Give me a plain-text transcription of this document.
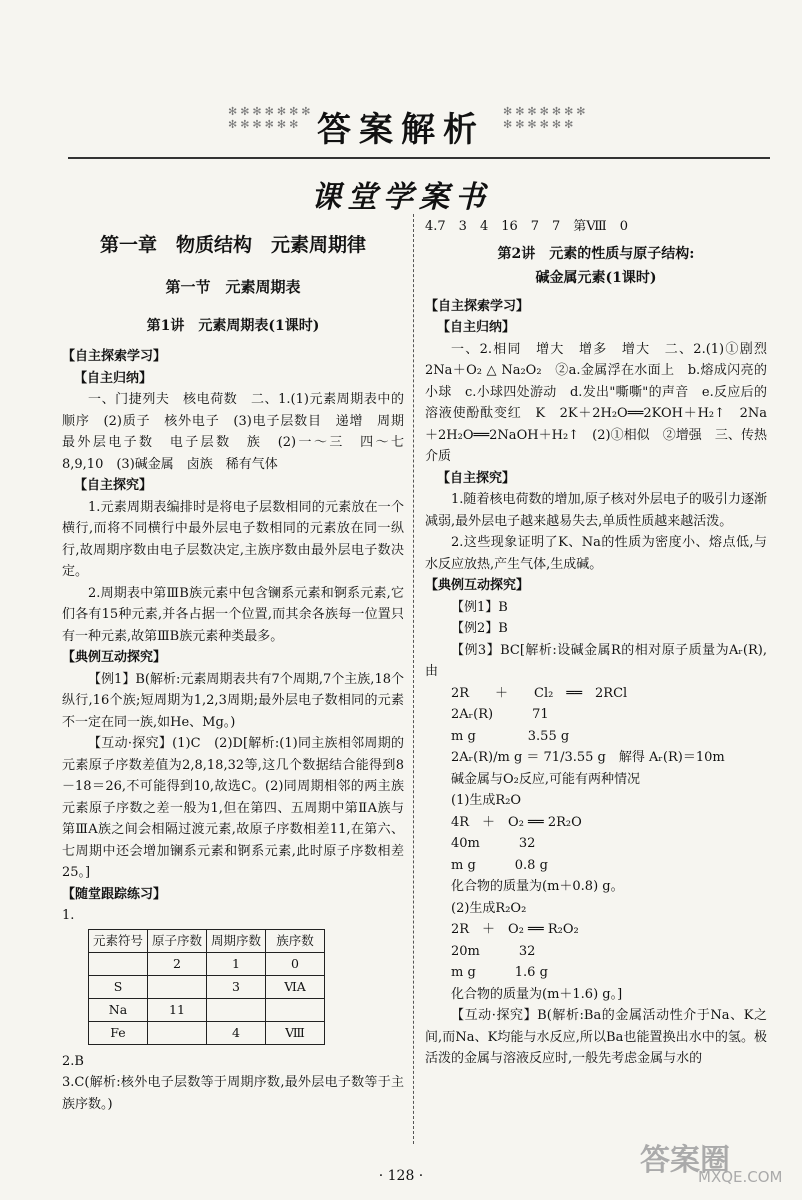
✻✻✻✻✻✻✻
✻✻✻✻✻✻ 答案解析	✻✻✻✻✻✻✻
✻✻✻✻✻✻
课堂学案书
第一章　物质结构　元素周期律
第一节　元素周期表
第1讲　元素周期表(1课时)

【自主探索学习】

【自主归纳】

一、门捷列夫　核电荷数　二、1.(1)元素周期表中的顺序　(2)质子　核外电子　(3)电子层数目　递增　周期　最外层电子数　电子层数　族　(2)一～三　四～七　8,9,10　(3)碱金属　卤族　稀有气体

【自主探究】

1.元素周期表编排时是将电子层数相同的元素放在一个横行,而将不同横行中最外层电子数相同的元素放在同一纵行,故周期序数由电子层数决定,主族序数由最外层电子数决定。

2.周期表中第ⅢB族元素中包含镧系元素和锕系元素,它们各有15种元素,并各占据一个位置,而其余各族每一位置只有一种元素,故第ⅢB族元素种类最多。

【典例互动探究】

【例1】B(解析:元素周期表共有7个周期,7个主族,18个纵行,16个族;短周期为1,2,3周期;最外层电子数相同的元素不一定在同一族,如He、Mg。)

【互动·探究】(1)C　(2)D[解析:(1)同主族相邻周期的元素原子序数差值为2,8,18,32等,这几个数据结合能得到8－18＝26,不可能得到10,故选C。(2)同周期相邻的两主族元素原子序数之差一般为1,但在第四、五周期中第ⅡA族与第ⅢA族之间会相隔过渡元素,故原子序数相差11,在第六、七周期中还会增加镧系元素和锕系元素,此时原子序数相差25。]

【随堂跟踪练习】

1.

元素符号	原子序数	周期序数	族序数
	2	1	0
S		3	ⅥA
Na	11		
Fe		4	Ⅷ

2.B

3.C(解析:核外电子层数等于周期序数,最外层电子数等于主族序数。)

4.7　3　4　16　7　7　第Ⅷ　0

第2讲　元素的性质与原子结构:
碱金属元素(1课时)

【自主探索学习】

【自主归纳】

一、2.相同　增大　增多　增大　二、2.(1)①剧烈　2Na＋O₂ △ Na₂O₂　②a.金属浮在水面上　b.熔成闪亮的小球　c.小球四处游动　d.发出"嘶嘶"的声音　e.反应后的溶液使酚酞变红　K　2K＋2H₂O══2KOH＋H₂↑　2Na＋2H₂O══2NaOH＋H₂↑　(2)①相似　②增强　三、传热介质

【自主探究】

1.随着核电荷数的增加,原子核对外层电子的吸引力逐渐减弱,最外层电子越来越易失去,单质性质越来越活泼。

2.这些现象证明了K、Na的性质为密度小、熔点低,与水反应放热,产生气体,生成碱。

【典例互动探究】

【例1】B

【例2】B

【例3】BC[解析:设碱金属R的相对原子质量为Aᵣ(R),由

2R　　＋　　Cl₂　══　2RCl

2Aᵣ(R)　　　71

m g　　　　3.55 g

2Aᵣ(R)/m g ＝ 71/3.55 g　解得 Aᵣ(R)＝10m

碱金属与O₂反应,可能有两种情况

(1)生成R₂O

4R　＋　O₂ ══ 2R₂O

40m　　　32

m g　　　0.8 g

化合物的质量为(m＋0.8) g。

(2)生成R₂O₂

2R　＋　O₂ ══ R₂O₂

20m　　　32

m g　　　1.6 g

化合物的质量为(m＋1.6) g。]

【互动·探究】B(解析:Ba的金属活动性介于Na、K之间,而Na、K均能与水反应,所以Ba也能置换出水中的氢。极活泼的金属与溶液反应时,一般先考虑金属与水的

· 128 ·	答案圈
MXQE.COM
